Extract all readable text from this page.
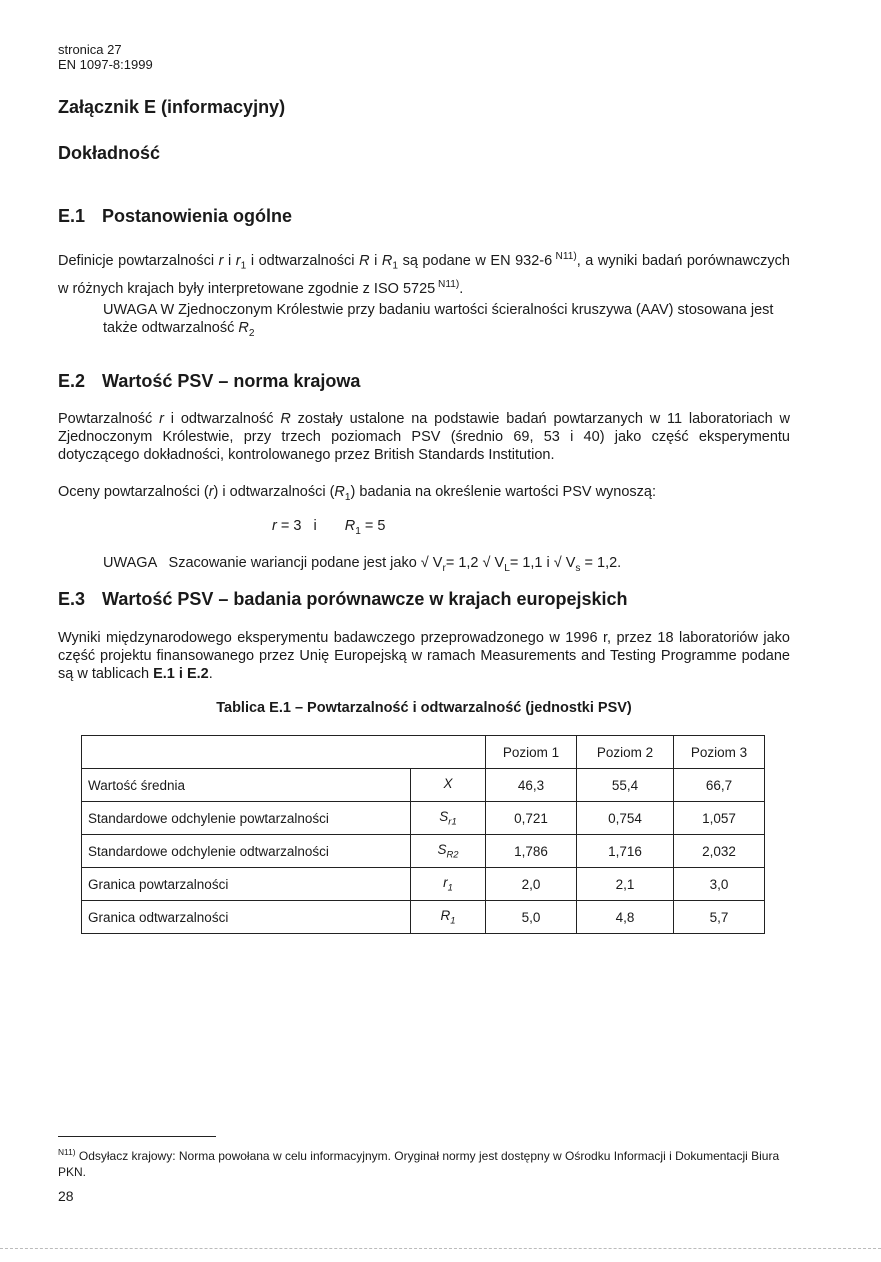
stronica 27
EN 1097-8:1999
Załącznik E (informacyjny)
Dokładność
E.1 Postanowienia ogólne
Definicje powtarzalności r i $r_1$ i odtwarzalności R i $R_1$ są podane w EN 932-6 $^{N11)}$, a wyniki badań porównawczych w różnych krajach były interpretowane zgodnie z ISO 5725 $^{N11)}$.
UWAGA W Zjednoczonym Królestwie przy badaniu wartości ścieralności kruszywa (AAV) stosowana jest także odtwarzalność $R_2$
E.2 Wartość PSV – norma krajowa
Powtarzalność r i odtwarzalność R zostały ustalone na podstawie badań powtarzanych w 11 laboratoriach w Zjednoczonym Królestwie, przy trzech poziomach PSV (średnio 69, 53 i 40) jako część eksperymentu dotyczącego dokładności, kontrolowanego przez British Standards Institution.
Oceny powtarzalności (r) i odtwarzalności $(R_1)$ badania na określenie wartości PSV wynoszą:
r = 3   i $R_1 = 5$
UWAGA   Szacowanie wariancji podane jest jako √ $V_r= 1,2$ √ $V_L= 1,1$ i √ $V_s = 1,2$.
E.3 Wartość PSV – badania porównawcze w krajach europejskich
Wyniki międzynarodowego eksperymentu badawczego przeprowadzonego w 1996 r, przez 18 laboratoriów jako część projektu finansowanego przez Unię Europejską w ramach Measurements and Testing Programme podane są w tablicach E.1 i E.2.
Tablica E.1 – Powtarzalność i odtwarzalność (jednostki PSV)
		Poziom 1	Poziom 2	Poziom 3
Wartość średnia	X	46,3	55,4	66,7
Standardowe odchylenie powtarzalności	$S_{r1}$	0,721	0,754	1,057
Standardowe odchylenie odtwarzalności	$S_{R2}$	1,786	1,716	2,032
Granica powtarzalności	$r_1$	2,0	2,1	3,0
Granica odtwarzalności	$R_1$	5,0	4,8	5,7
$^{N11)}$ Odsyłacz krajowy: Norma powołana w celu informacyjnym. Oryginał normy jest dostępny w Ośrodku Informacji i Dokumentacji Biura PKN.
28
